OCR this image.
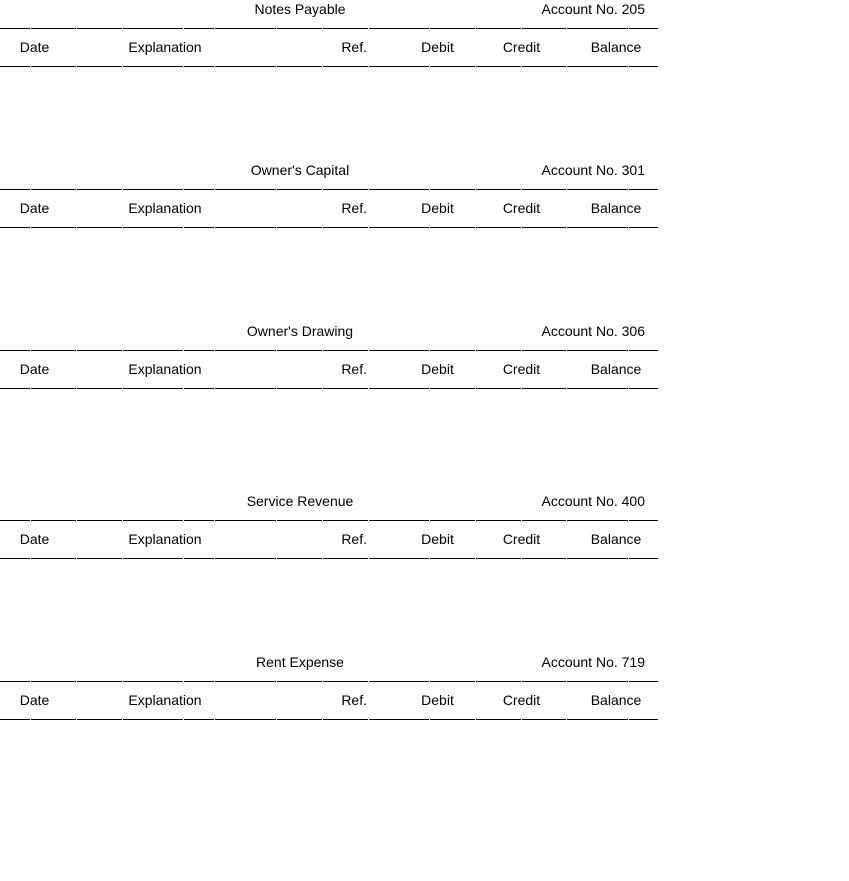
Notes Payable	Account No. 205
Date	Explanation	Ref.	Debit	Credit	Balance
Owner's Capital	Account No. 301
Date	Explanation	Ref.	Debit	Credit	Balance
Owner's Drawing	Account No. 306
Date	Explanation	Ref.	Debit	Credit	Balance
Service Revenue	Account No. 400
Date	Explanation	Ref.	Debit	Credit	Balance
Rent Expense	Account No. 719
Date	Explanation	Ref.	Debit	Credit	Balance
